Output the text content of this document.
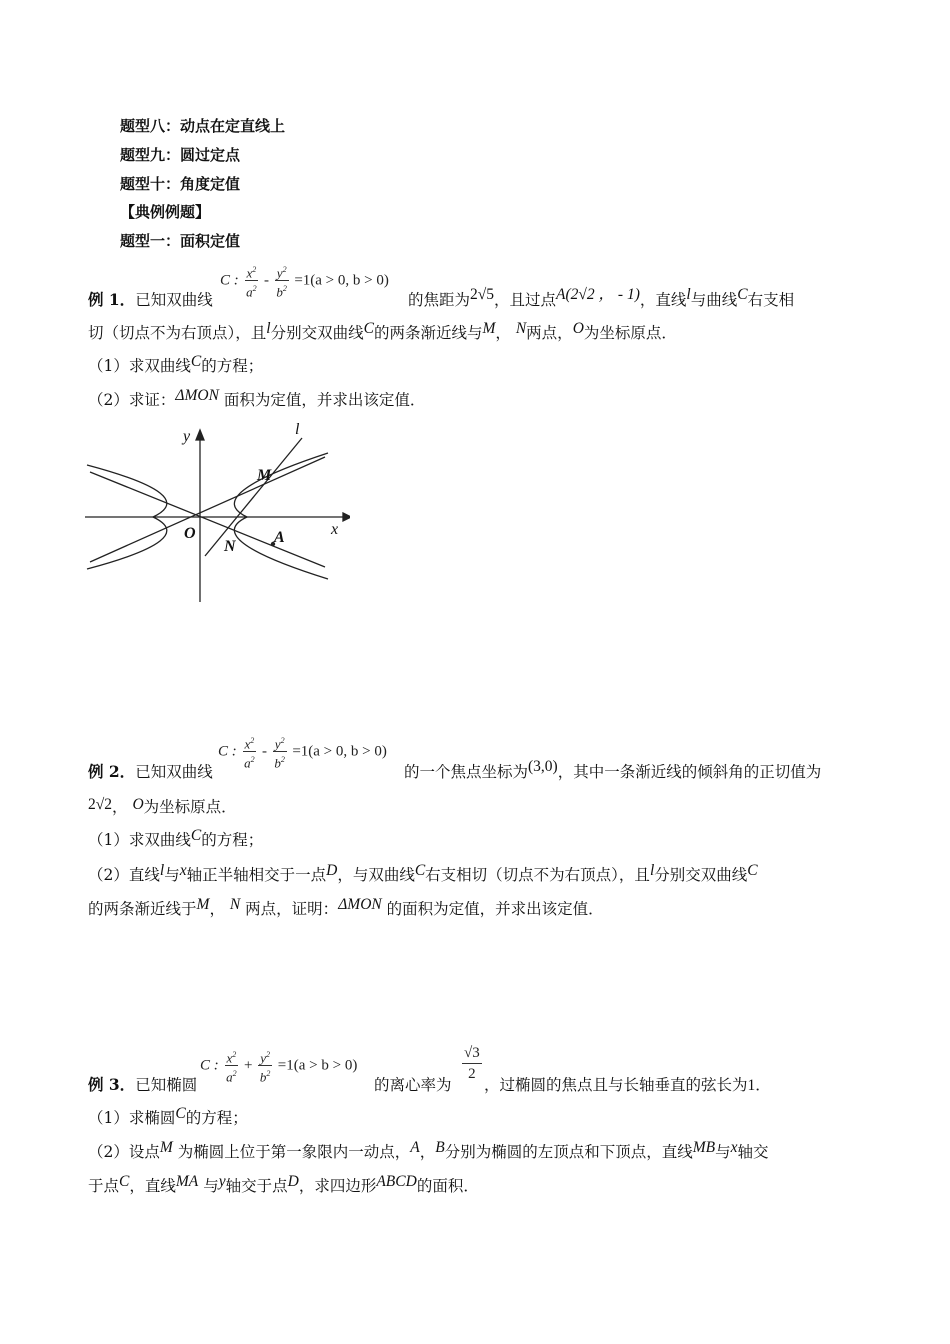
题型八：动点在定直线上
题型九：圆过定点
题型十：角度定值
【典例例题】
题型一：面积定值
C : $\frac{x^2}{a^2} - \frac{y^2}{b^2} =1(a > 0$, b > 0)
例 1．已知双曲线	的焦距为2√5，且过点A(2√2 ， - 1)，直线l与曲线C右支相
切（切点不为右顶点），且l分别交双曲线C的两条渐近线与M， N两点，O为坐标原点．
（1）求双曲线C的方程；
（2）求证：ΔMON 面积为定值，并求出该定值．
y
x
l
M
O
N
A
C : $\frac{x^2}{a^2} - \frac{y^2}{b^2} =1(a > 0$, b > 0)
例 2．已知双曲线	的一个焦点坐标为(3,0)，其中一条渐近线的倾斜角的正切值为
2√2， O为坐标原点．
（1）求双曲线C的方程；
（2）直线l与x轴正半轴相交于一点D，与双曲线C右支相切（切点不为右顶点），且l分别交双曲线C
的两条渐近线于M， N 两点，证明：ΔMON 的面积为定值，并求出该定值．
C : $\frac{x^2}{a^2} + \frac{y^2}{b^2} =1(a > b > 0)$
例 3．已知椭圆
$\frac{√3}{2}$
的离心率为 ，过椭圆的焦点且与长轴垂直的弦长为1．
（1）求椭圆C的方程；
（2）设点M 为椭圆上位于第一象限内一动点，A，B分别为椭圆的左顶点和下顶点，直线MB与x轴交
于点C，直线MA 与y轴交于点D，求四边形ABCD的面积．
